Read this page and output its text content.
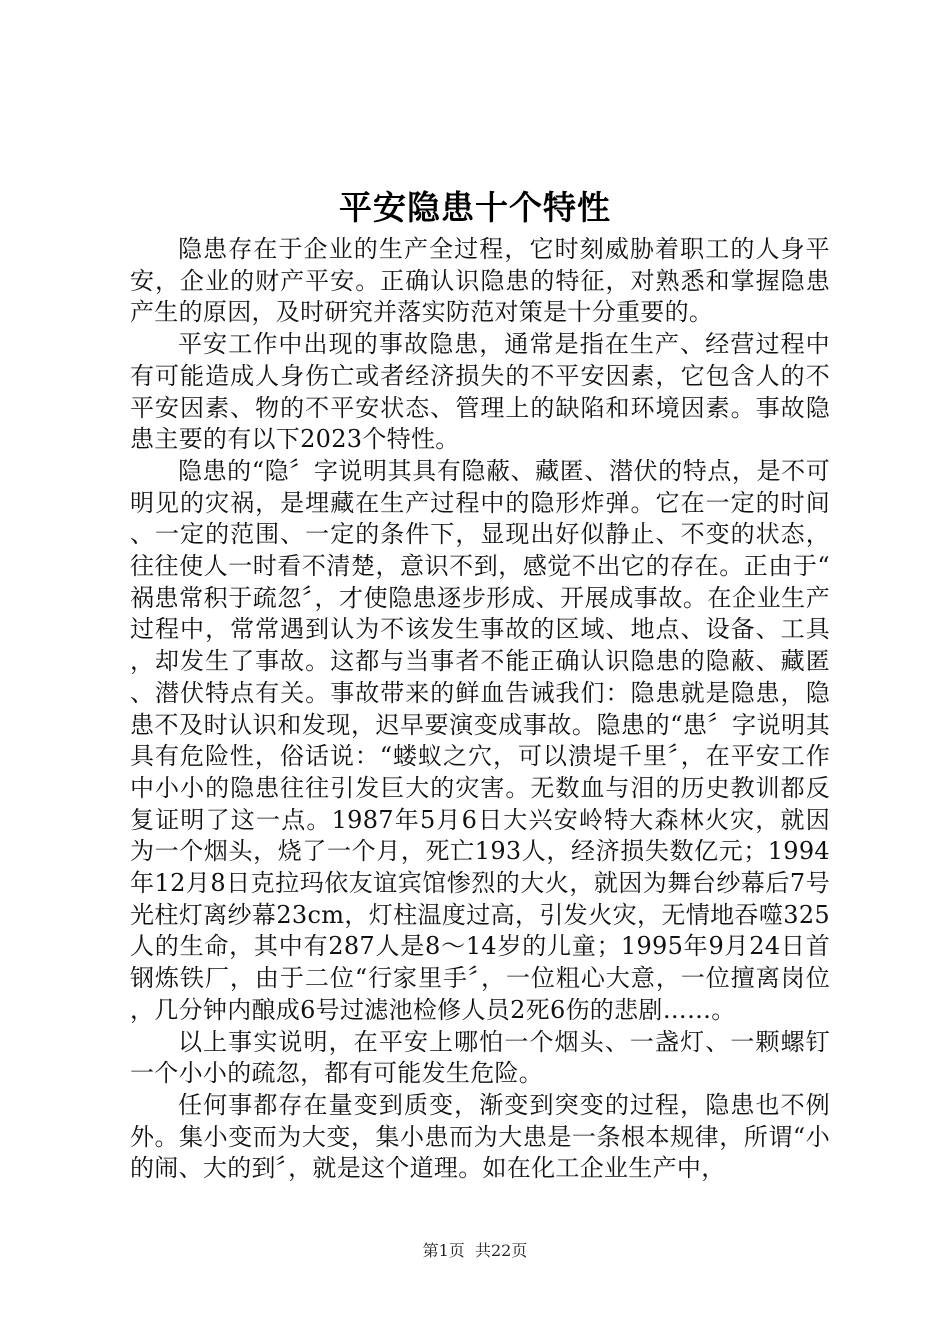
平安隐患十个特性

隐患存在于企业的生产全过程，它时刻威胁着职工的人身平安，企业的财产平安。正确认识隐患的特征，对熟悉和掌握隐患产生的原因，及时研究并落实防范对策是十分重要的。

平安工作中出现的事故隐患，通常是指在生产、经营过程中有可能造成人身伤亡或者经济损失的不平安因素，它包含人的不平安因素、物的不平安状态、管理上的缺陷和环境因素。事故隐患主要的有以下2023个特性。

隐患的“隐〞字说明其具有隐蔽、藏匿、潜伏的特点，是不可明见的灾祸，是埋藏在生产过程中的隐形炸弹。它在一定的时间、一定的范围、一定的条件下，显现出好似静止、不变的状态，往往使人一时看不清楚，意识不到，感觉不出它的存在。正由于“祸患常积于疏忽〞，才使隐患逐步形成、开展成事故。在企业生产过程中，常常遇到认为不该发生事故的区域、地点、设备、工具，却发生了事故。这都与当事者不能正确认识隐患的隐蔽、藏匿、潜伏特点有关。事故带来的鲜血告诫我们：隐患就是隐患，隐患不及时认识和发现，迟早要演变成事故。隐患的“患〞字说明其具有危险性，俗话说：“蝼蚁之穴，可以溃堤千里〞，在平安工作中小小的隐患往往引发巨大的灾害。无数血与泪的历史教训都反复证明了这一点。1987年5月6日大兴安岭特大森林火灾，就因为一个烟头，烧了一个月，死亡193人，经济损失数亿元；1994年12月8日克拉玛依友谊宾馆惨烈的大火，就因为舞台纱幕后7号光柱灯离纱幕23cm，灯柱温度过高，引发火灾，无情地吞噬325人的生命，其中有287人是8～14岁的儿童；1995年9月24日首钢炼铁厂，由于二位“行家里手〞，一位粗心大意，一位擅离岗位，几分钟内酿成6号过滤池检修人员2死6伤的悲剧……。

以上事实说明，在平安上哪怕一个烟头、一盏灯、一颗螺钉一个小小的疏忽，都有可能发生危险。

任何事都存在量变到质变，渐变到突变的过程，隐患也不例外。集小变而为大变，集小患而为大患是一条根本规律，所谓“小的闹、大的到〞，就是这个道理。如在化工企业生产中，

第1页 共22页
